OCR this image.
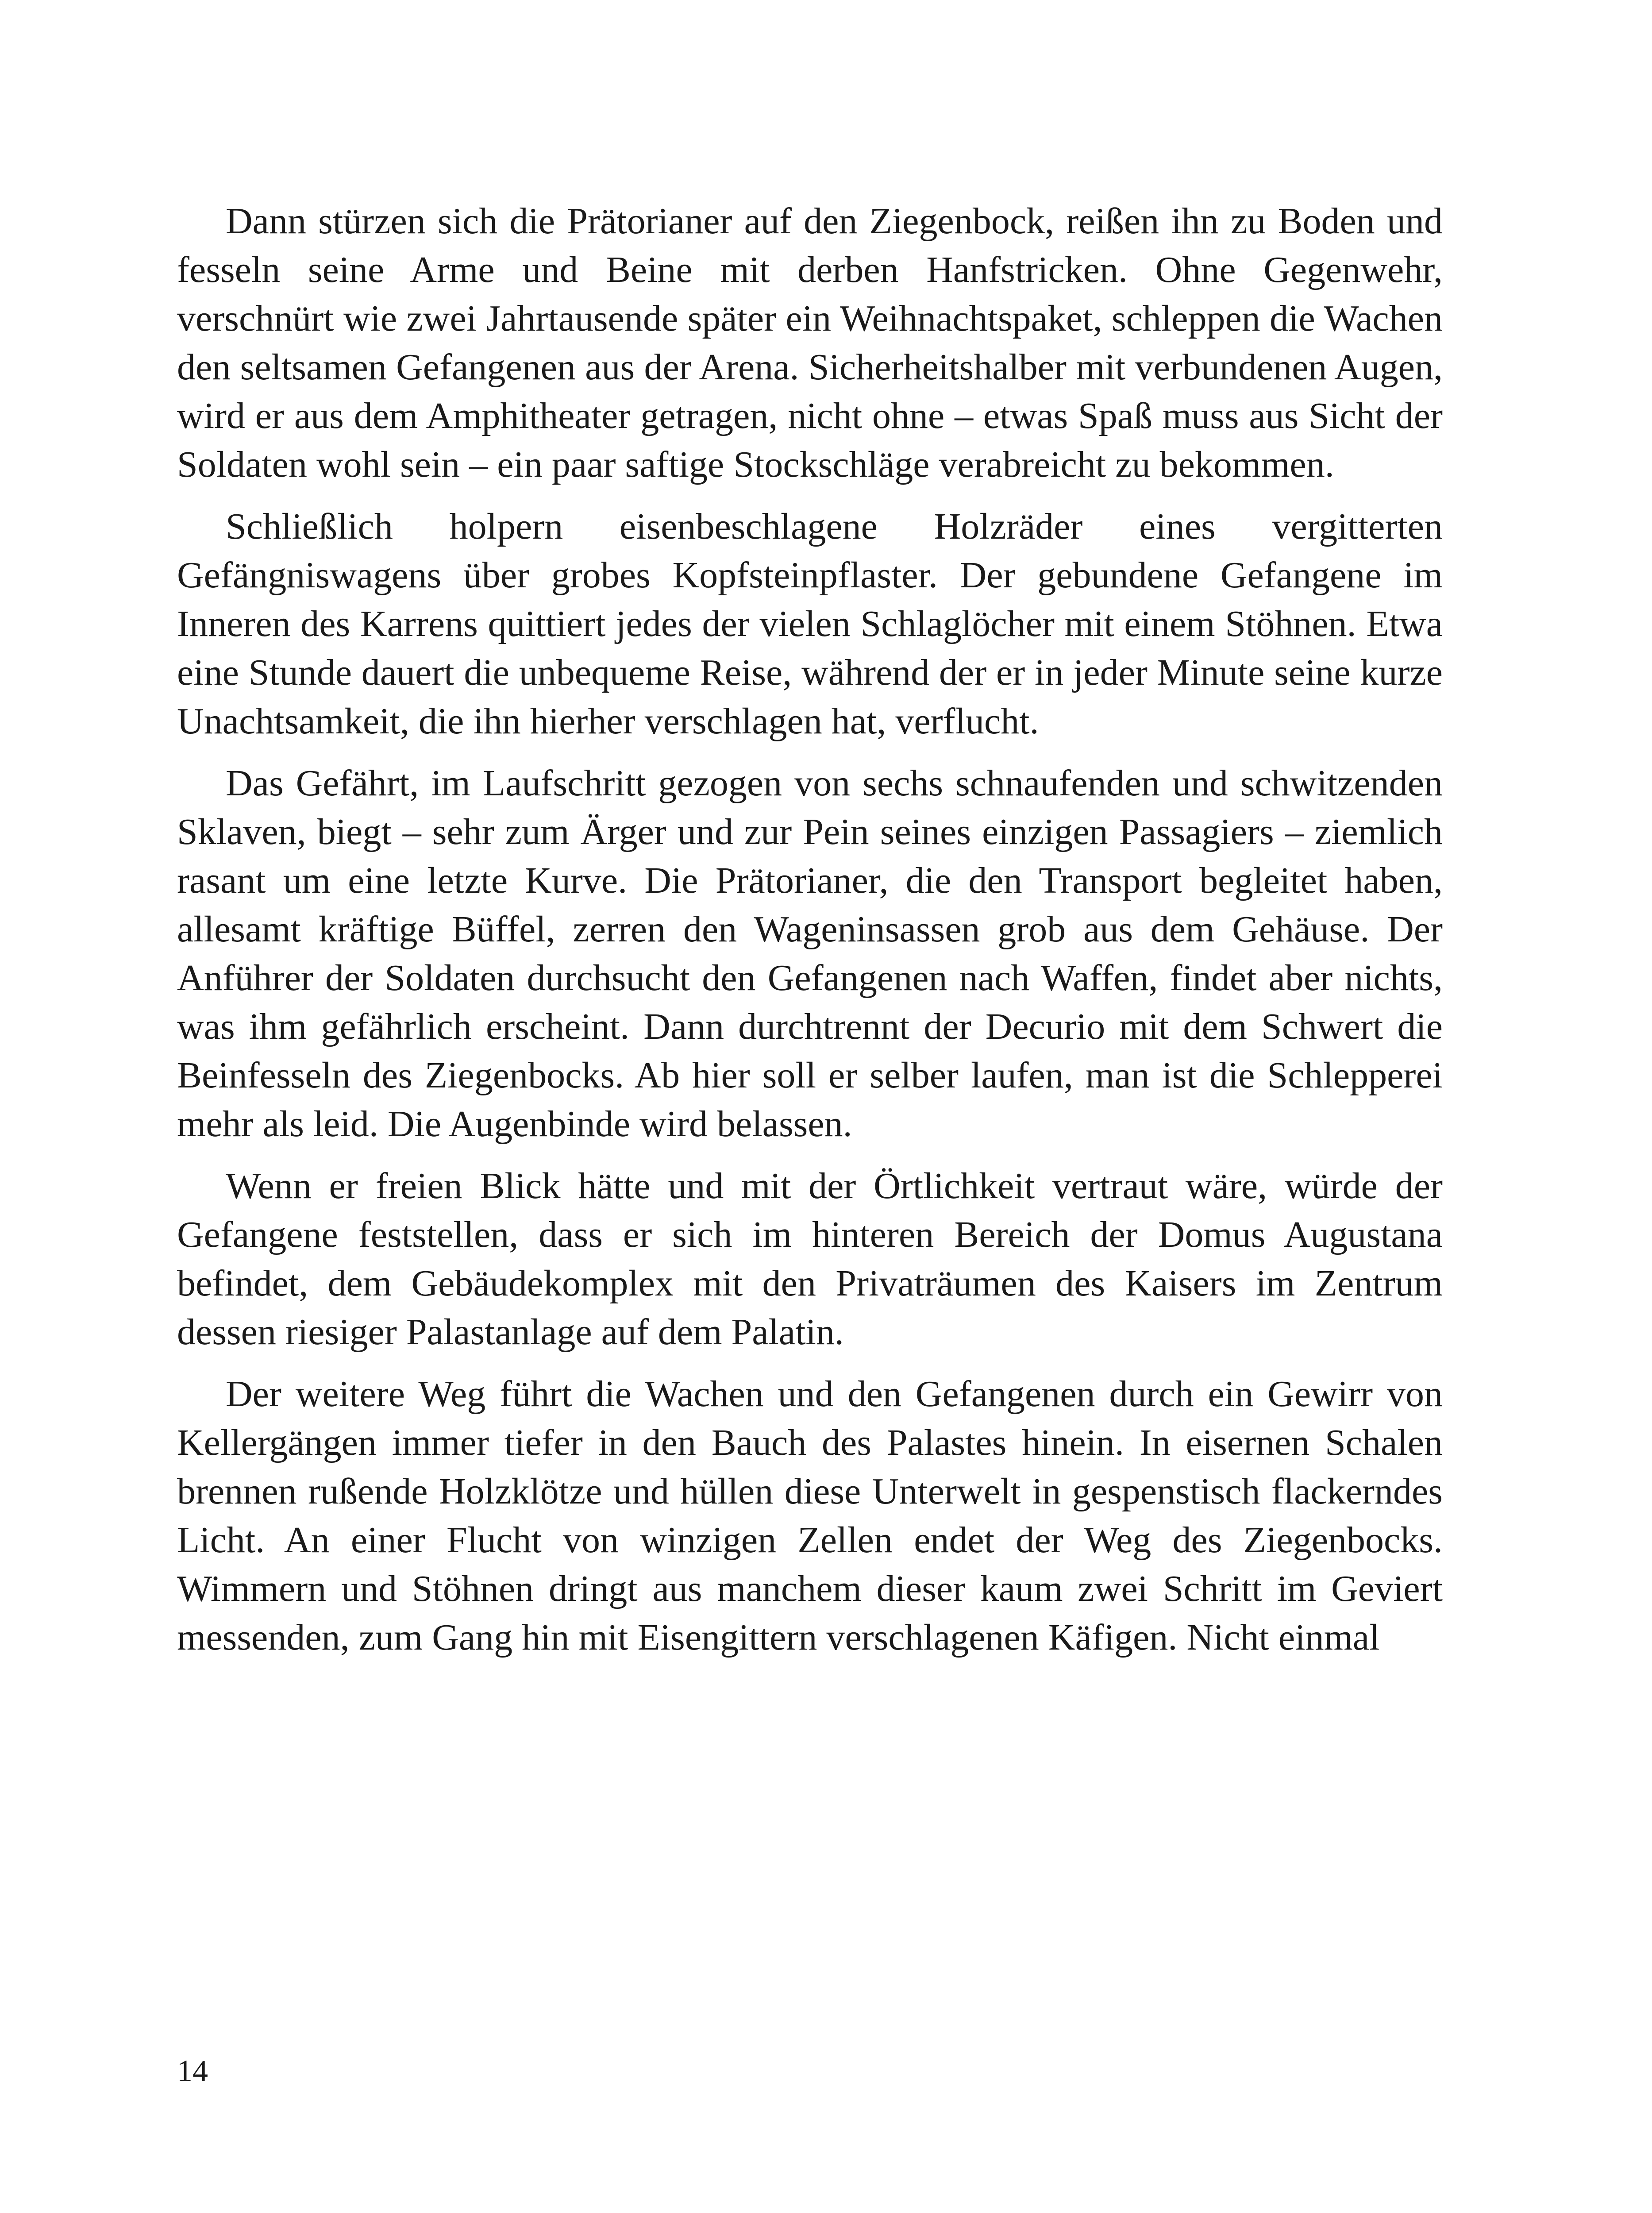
Dann stürzen sich die Prätorianer auf den Ziegenbock, reißen ihn zu Boden und fesseln seine Arme und Beine mit derben Hanfstricken. Ohne Gegenwehr, verschnürt wie zwei Jahrtausende später ein Weihnachtspaket, schleppen die Wachen den seltsamen Gefangenen aus der Arena. Sicherheitshalber mit verbundenen Augen, wird er aus dem Amphitheater getragen, nicht ohne – etwas Spaß muss aus Sicht der Soldaten wohl sein – ein paar saftige Stockschläge verabreicht zu bekommen.

Schließlich holpern eisenbeschlagene Holzräder eines vergitterten Gefängniswagens über grobes Kopfsteinpflaster. Der gebundene Gefangene im Inneren des Karrens quittiert jedes der vielen Schlaglöcher mit einem Stöhnen. Etwa eine Stunde dauert die unbequeme Reise, während der er in jeder Minute seine kurze Unachtsamkeit, die ihn hierher verschlagen hat, verflucht.

Das Gefährt, im Laufschritt gezogen von sechs schnaufenden und schwitzenden Sklaven, biegt – sehr zum Ärger und zur Pein seines einzigen Passagiers – ziemlich rasant um eine letzte Kurve. Die Prätorianer, die den Transport begleitet haben, allesamt kräftige Büffel, zerren den Wageninsassen grob aus dem Gehäuse. Der Anführer der Soldaten durchsucht den Gefangenen nach Waffen, findet aber nichts, was ihm gefährlich erscheint. Dann durchtrennt der Decurio mit dem Schwert die Beinfesseln des Ziegenbocks. Ab hier soll er selber laufen, man ist die Schlepperei mehr als leid. Die Augenbinde wird belassen.

Wenn er freien Blick hätte und mit der Örtlichkeit vertraut wäre, würde der Gefangene feststellen, dass er sich im hinteren Bereich der Domus Augustana befindet, dem Gebäudekomplex mit den Privaträumen des Kaisers im Zentrum dessen riesiger Palastanlage auf dem Palatin.

Der weitere Weg führt die Wachen und den Gefangenen durch ein Gewirr von Kellergängen immer tiefer in den Bauch des Palastes hinein. In eisernen Schalen brennen rußende Holzklötze und hüllen diese Unterwelt in gespenstisch flackerndes Licht. An einer Flucht von winzigen Zellen endet der Weg des Ziegenbocks. Wimmern und Stöhnen dringt aus manchem dieser kaum zwei Schritt im Geviert messenden, zum Gang hin mit Eisengittern verschlagenen Käfigen. Nicht einmal

14
